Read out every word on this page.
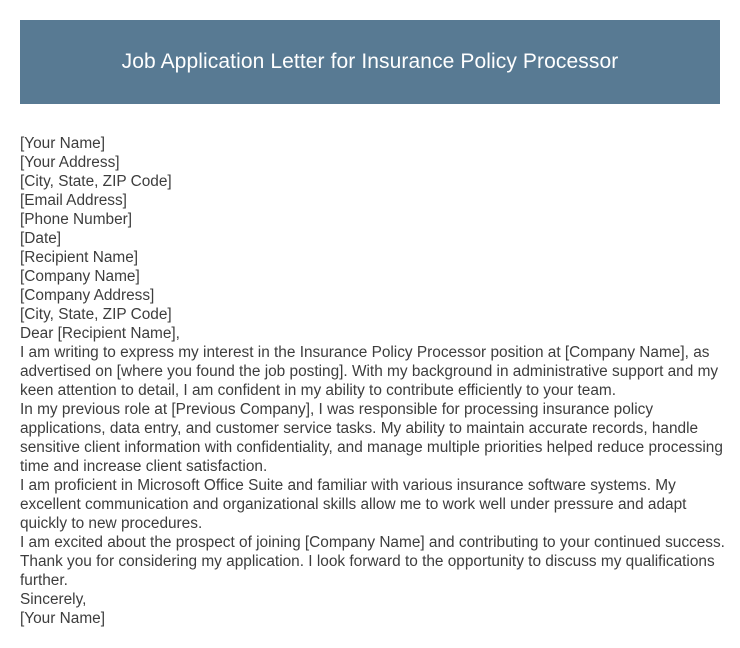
Job Application Letter for Insurance Policy Processor

[Your Name]

[Your Address]

[City, State, ZIP Code]

[Email Address]

[Phone Number]

[Date]

[Recipient Name]

[Company Name]

[Company Address]

[City, State, ZIP Code]

Dear [Recipient Name],

I am writing to express my interest in the Insurance Policy Processor position at [Company Name], as advertised on [where you found the job posting]. With my background in administrative support and my keen attention to detail, I am confident in my ability to contribute efficiently to your team.

In my previous role at [Previous Company], I was responsible for processing insurance policy applications, data entry, and customer service tasks. My ability to maintain accurate records, handle sensitive client information with confidentiality, and manage multiple priorities helped reduce processing time and increase client satisfaction.

I am proficient in Microsoft Office Suite and familiar with various insurance software systems. My excellent communication and organizational skills allow me to work well under pressure and adapt quickly to new procedures.

I am excited about the prospect of joining [Company Name] and contributing to your continued success. Thank you for considering my application. I look forward to the opportunity to discuss my qualifications further.

Sincerely,

[Your Name]
